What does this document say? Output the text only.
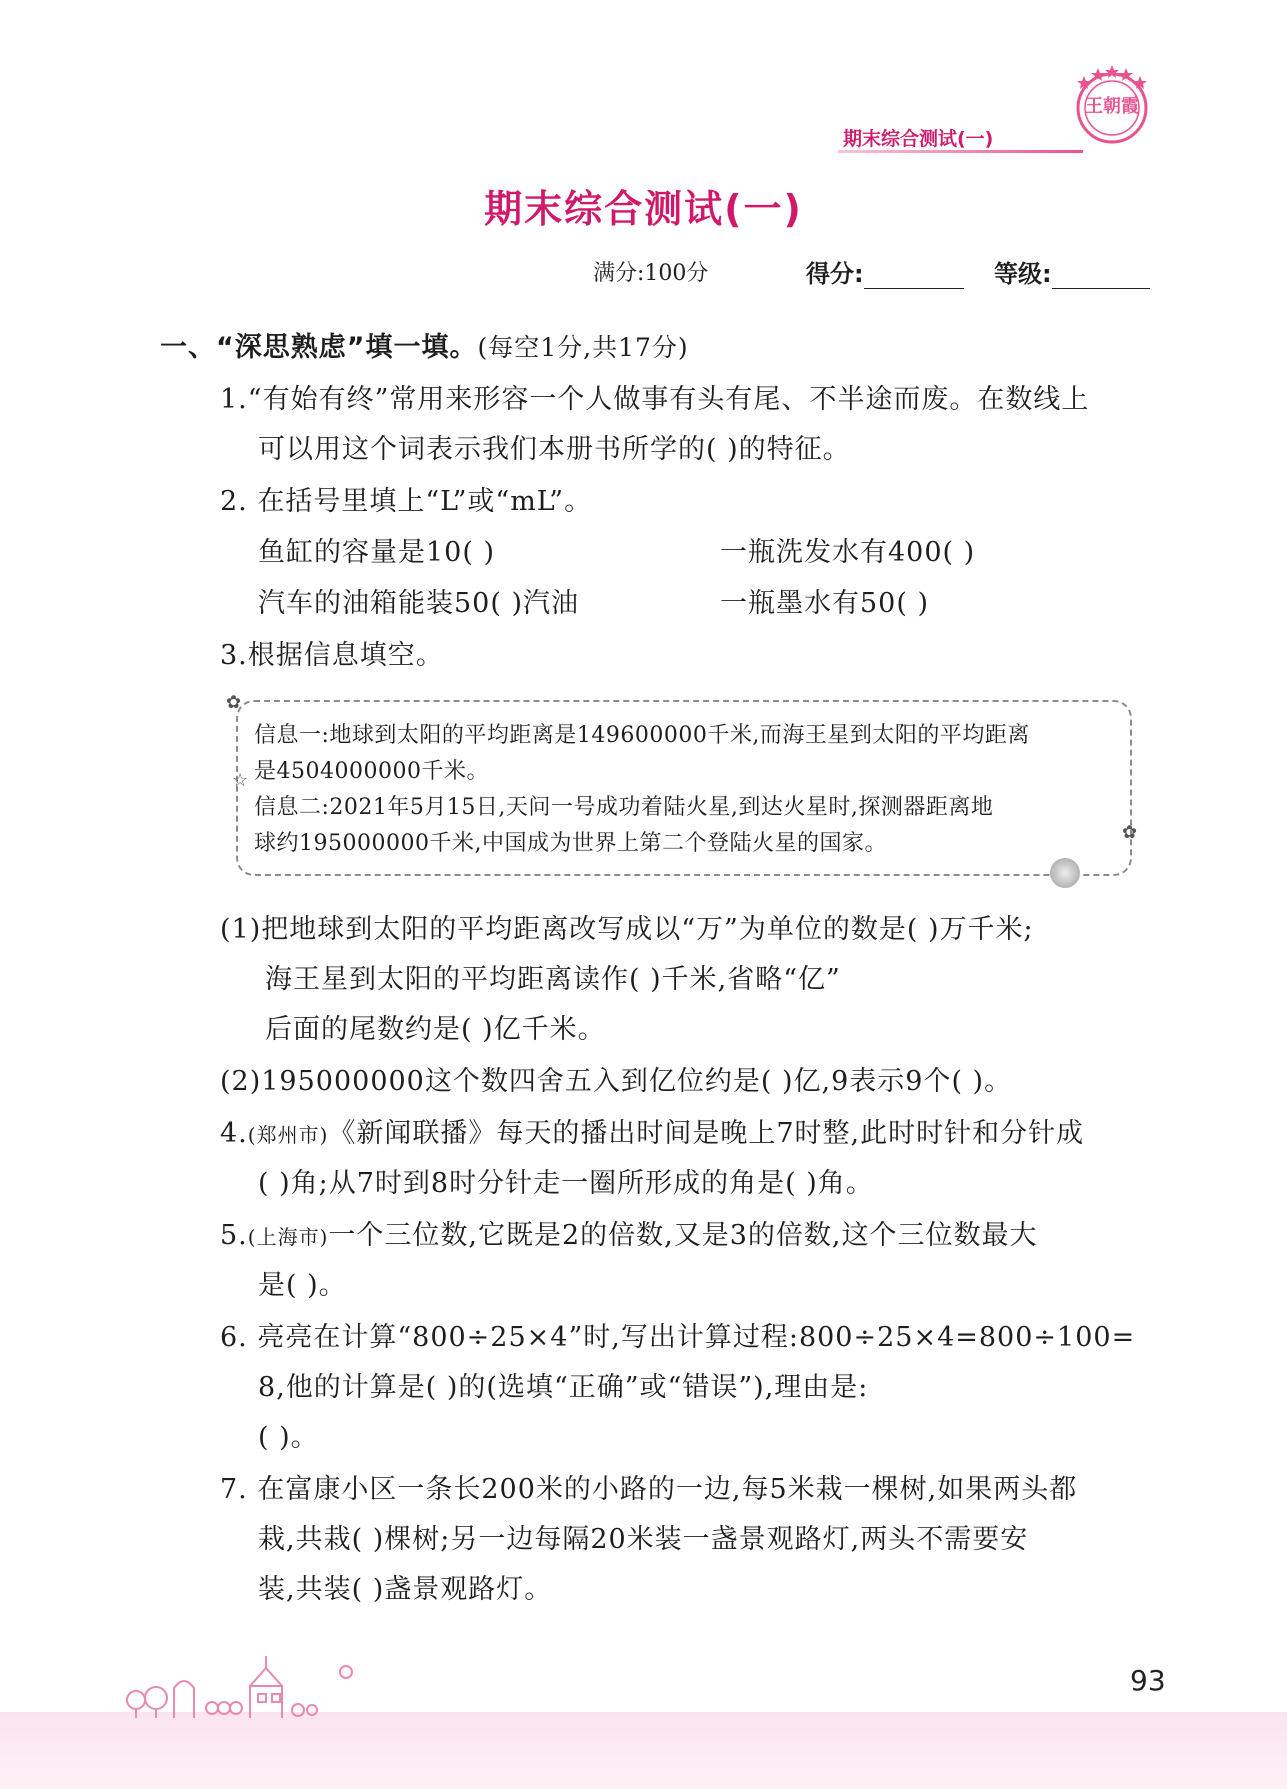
王朝霞
期末综合测试(一)
期末综合测试(一)
满分:100分	得分:	等级:
一、“深思熟虑”填一填。(每空1分,共17分)
1.“有始有终”常用来形容一个人做事有头有尾、不半途而废。在数线上
可以用这个词表示我们本册书所学的( )的特征。
2. 在括号里填上“L”或“mL”。
鱼缸的容量是10( )	一瓶洗发水有400( )
汽车的油箱能装50( )汽油	一瓶墨水有50( )
3.根据信息填空。
✿
☆
✿
信息一:地球到太阳的平均距离是149600000千米,而海王星到太阳的平均距离
是4504000000千米。
信息二:2021年5月15日,天问一号成功着陆火星,到达火星时,探测器距离地
球约195000000千米,中国成为世界上第二个登陆火星的国家。
(1)把地球到太阳的平均距离改写成以“万”为单位的数是( )万千米;
海王星到太阳的平均距离读作( )千米,省略“亿”
后面的尾数约是( )亿千米。
(2)195000000这个数四舍五入到亿位约是( )亿,9表示9个( )。
4.(郑州市)《新闻联播》每天的播出时间是晚上7时整,此时时针和分针成
( )角;从7时到8时分针走一圈所形成的角是( )角。
5.(上海市)一个三位数,它既是2的倍数,又是3的倍数,这个三位数最大
是( )。
6. 亮亮在计算“800÷25×4”时,写出计算过程:800÷25×4=800÷100=
8,他的计算是( )的(选填“正确”或“错误”),理由是:
( )。
7. 在富康小区一条长200米的小路的一边,每5米栽一棵树,如果两头都
栽,共栽( )棵树;另一边每隔20米装一盏景观路灯,两头不需要安
装,共装( )盏景观路灯。
93
